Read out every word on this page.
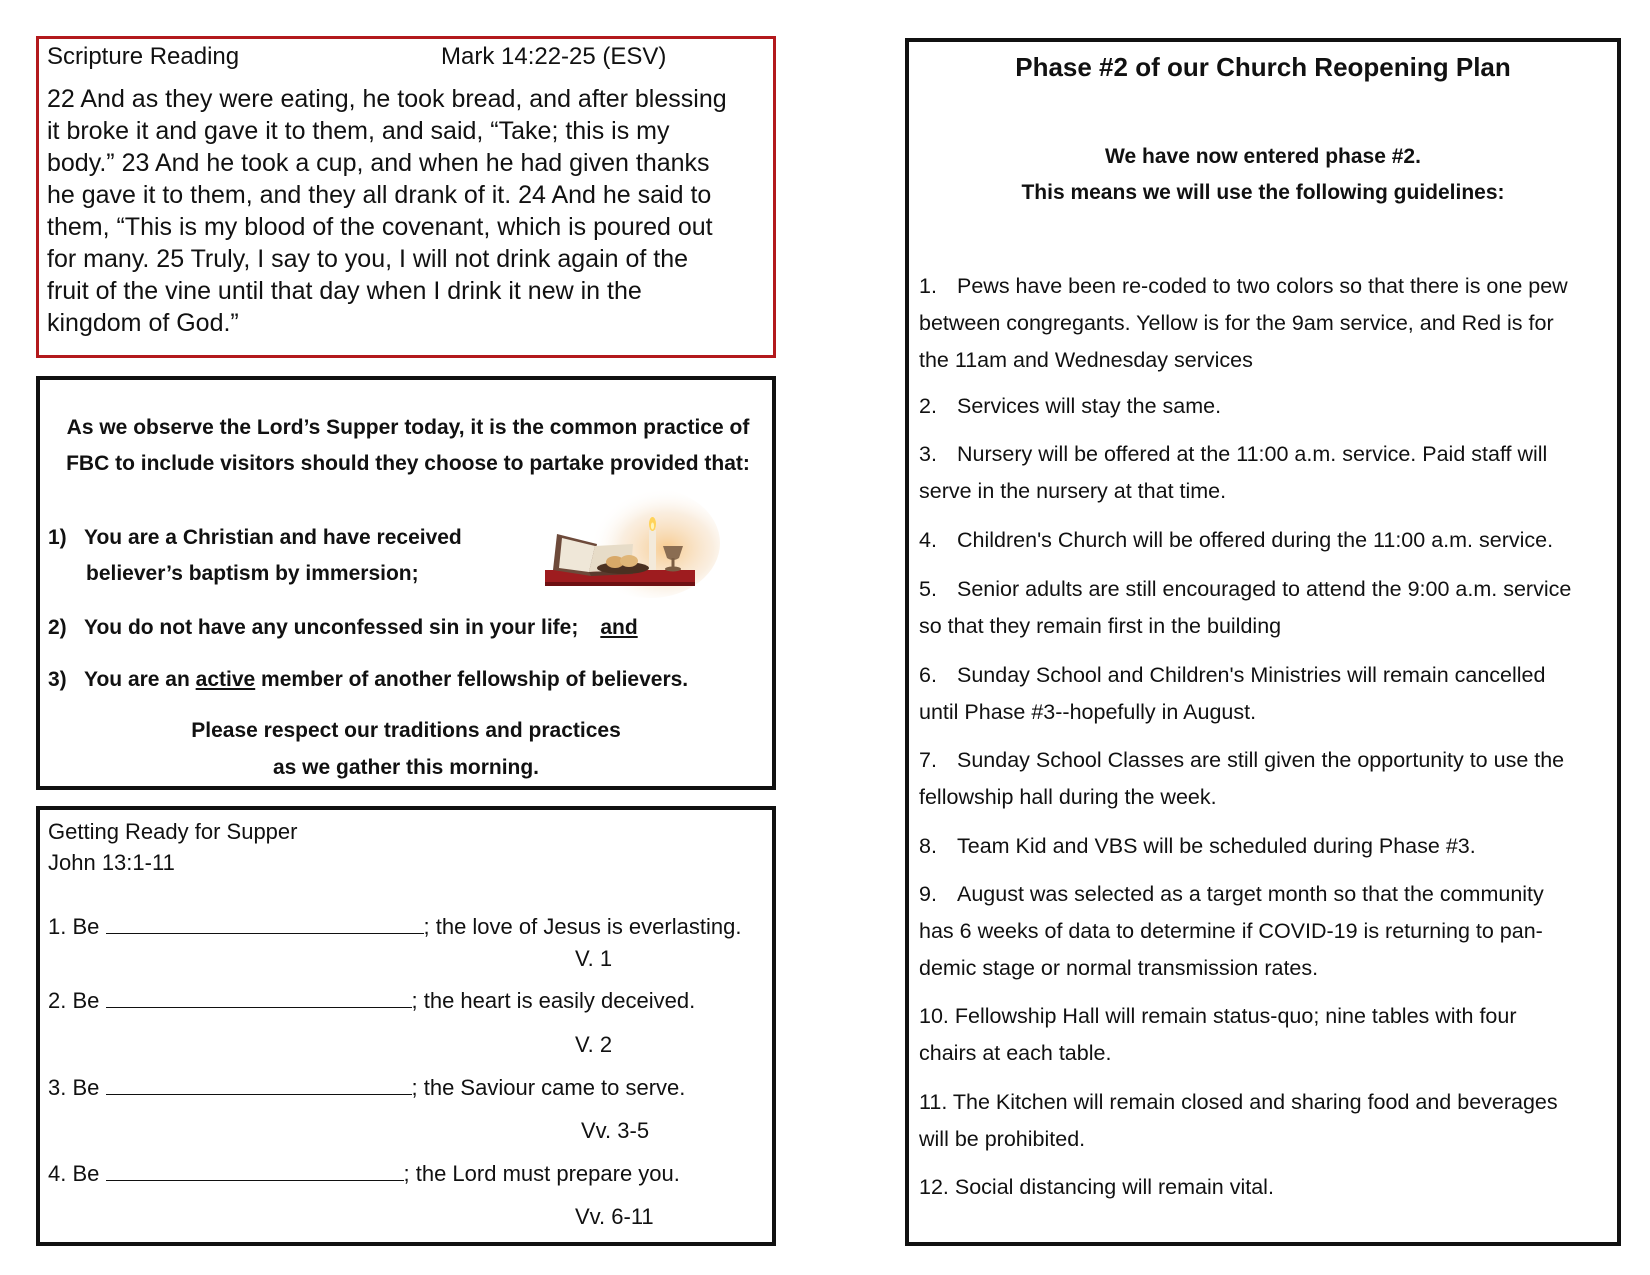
Scripture Reading	Mark 14:22-25 (ESV)
22 And as they were eating, he took bread, and after blessing
it broke it and gave it to them, and said, “Take; this is my
body.” 23 And he took a cup, and when he had given thanks
he gave it to them, and they all drank of it. 24 And he said to
them, “This is my blood of the covenant, which is poured out
for many. 25 Truly, I say to you, I will not drink again of the
fruit of the vine until that day when I drink it new in the
kingdom of God.”
As we observe the Lord’s Supper today, it is the common practice of
FBC to include visitors should they choose to partake provided that:
1) You are a Christian and have received
believer’s baptism by immersion;
2) You do not have any unconfessed sin in your life; and
3) You are an active member of another fellowship of believers.
Please respect our traditions and practices
as we gather this morning.
Getting Ready for Supper
John 13:1-11
1. Be	; the love of Jesus is everlasting.
V. 1
2. Be	; the heart is easily deceived.
V. 2
3. Be	; the Saviour came to serve.
Vv. 3-5
4. Be	; the Lord must prepare you.
Vv. 6-11
Phase #2 of our Church Reopening Plan
We have now entered phase #2.
This means we will use the following guidelines:
1. Pews have been re-coded to two colors so that there is one pew
between congregants. Yellow is for the 9am service, and Red is for
the 11am and Wednesday services
2. Services will stay the same.
3. Nursery will be offered at the 11:00 a.m. service. Paid staff will
serve in the nursery at that time.
4. Children's Church will be offered during the 11:00 a.m. service.
5. Senior adults are still encouraged to attend the 9:00 a.m. service
so that they remain first in the building
6. Sunday School and Children's Ministries will remain cancelled
until Phase #3--hopefully in August.
7. Sunday School Classes are still given the opportunity to use the
fellowship hall during the week.
8. Team Kid and VBS will be scheduled during Phase #3.
9. August was selected as a target month so that the community
has 6 weeks of data to determine if COVID-19 is returning to pan-
demic stage or normal transmission rates.
10. Fellowship Hall will remain status-quo; nine tables with four
chairs at each table.
11. The Kitchen will remain closed and sharing food and beverages
will be prohibited.
12. Social distancing will remain vital.
